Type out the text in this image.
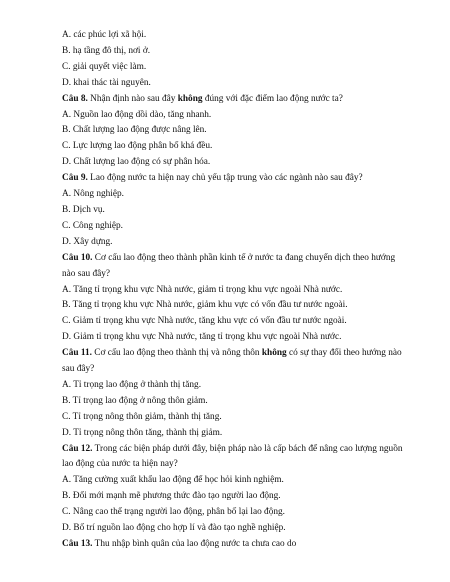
A. các phúc lợi xã hội.
B. hạ tầng đô thị, nơi ở.
C. giải quyết việc làm.
D. khai thác tài nguyên.
Câu 8. Nhận định nào sau đây không đúng với đặc điểm lao động nước ta?
A. Nguồn lao động dồi dào, tăng nhanh.
B. Chất lượng lao động được nâng lên.
C. Lực lượng lao động phân bố khá đều.
D. Chất lượng lao động có sự phân hóa.
Câu 9. Lao động nước ta hiện nay chủ yếu tập trung vào các ngành nào sau đây?
A. Nông nghiệp.
B. Dịch vụ.
C. Công nghiệp.
D. Xây dựng.
Câu 10. Cơ cấu lao động theo thành phần kinh tế ở nước ta đang chuyển dịch theo hướng nào sau đây?
A. Tăng tỉ trọng khu vực Nhà nước, giảm tỉ trọng khu vực ngoài Nhà nước.
B. Tăng tỉ trọng khu vực Nhà nước, giảm khu vực có vốn đầu tư nước ngoài.
C. Giảm tỉ trọng khu vực Nhà nước, tăng khu vực có vốn đầu tư nước ngoài.
D. Giảm tỉ trọng khu vực Nhà nước, tăng tỉ trọng khu vực ngoài Nhà nước.
Câu 11. Cơ cấu lao động theo thành thị và nông thôn không có sự thay đổi theo hướng nào sau đây?
A. Tỉ trọng lao động ở thành thị tăng.
B. Tỉ trọng lao động ở nông thôn giảm.
C. Tỉ trọng nông thôn giảm, thành thị tăng.
D. Tỉ trọng nông thôn tăng, thành thị giảm.
Câu 12. Trong các biện pháp dưới đây, biện pháp nào là cấp bách để nâng cao lượng nguồn lao động của nước ta hiện nay?
A. Tăng cường xuất khẩu lao động để học hỏi kinh nghiệm.
B. Đổi mới mạnh mẽ phương thức đào tạo người lao động.
C. Nâng cao thể trạng người lao động, phân bố lại lao động.
D. Bố trí nguồn lao động cho hợp lí và đào tạo nghề nghiệp.
Câu 13. Thu nhập bình quân của lao động nước ta chưa cao do
